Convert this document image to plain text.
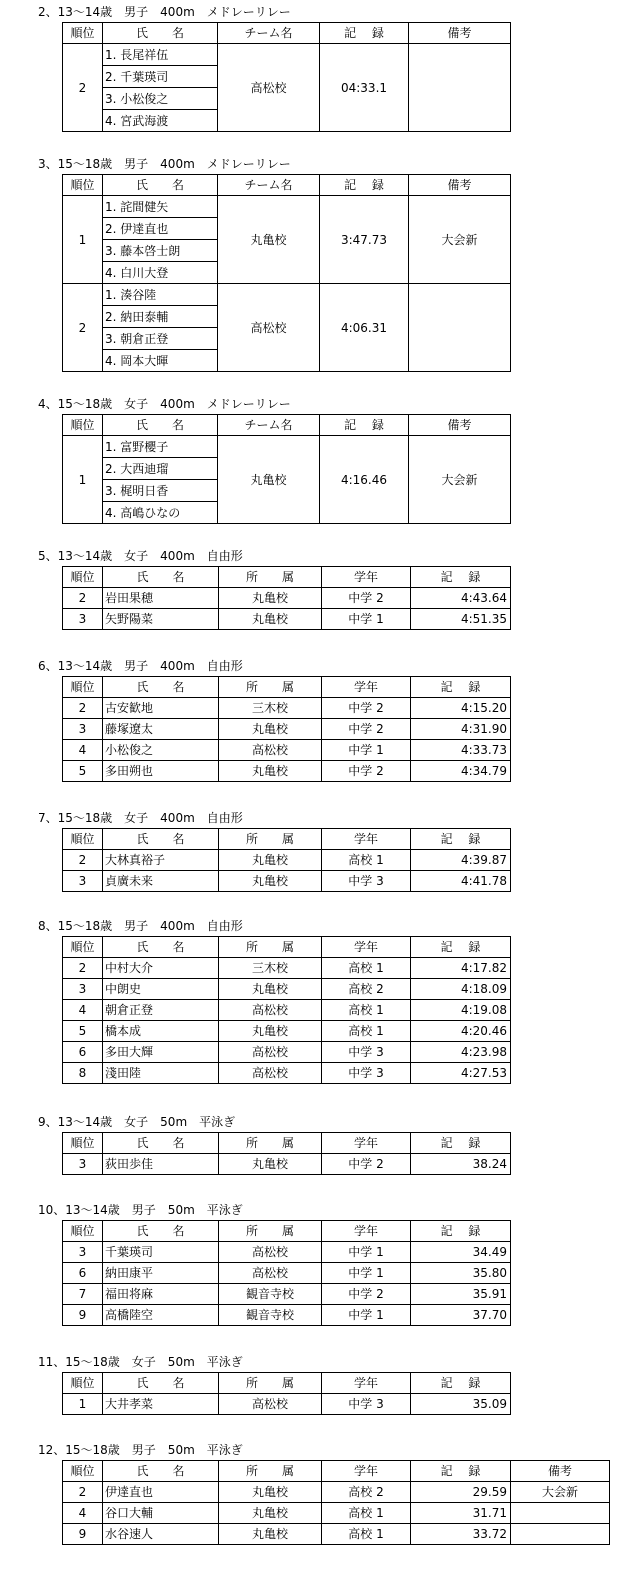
2、13～14歳　男子　400m　メドレーリレー
順位	氏　　名	チーム名	記　 録	備考
2	1. 長尾祥伍	高松校	04:33.1	
	2. 千葉瑛司			
	3. 小松俊之			
	4. 宮武海渡			
3、15～18歳　男子　400m　メドレーリレー
順位	氏　　名	チーム名	記　 録	備考
1	1. 詫間健矢	丸亀校	3:47.73	大会新
	2. 伊達直也			
	3. 藤本啓士朗			
	4. 白川大登			
2	1. 湊谷陸	高松校	4:06.31	
	2. 納田泰輔			
	3. 朝倉正登			
	4. 岡本大暉			
4、15～18歳　女子　400m　メドレーリレー
順位	氏　　名	チーム名	記　 録	備考
1	1. 富野櫻子	丸亀校	4:16.46	大会新
	2. 大西迪瑠			
	3. 梶明日香			
	4. 高嶋ひなの			
5、13～14歳　女子　400m　自由形
順位	氏　　名	所　　属	学年	記　 録
2	岩田果穂	丸亀校	中学 2	4:43.64
3	矢野陽菜	丸亀校	中学 1	4:51.35
6、13～14歳　男子　400m　自由形
順位	氏　　名	所　　属	学年	記　 録
2	古安歓地	三木校	中学 2	4:15.20
3	藤塚遼太	丸亀校	中学 2	4:31.90
4	小松俊之	高松校	中学 1	4:33.73
5	多田朔也	丸亀校	中学 2	4:34.79
7、15～18歳　女子　400m　自由形
順位	氏　　名	所　　属	学年	記　 録
2	大林真裕子	丸亀校	高校 1	4:39.87
3	貞廣未来	丸亀校	中学 3	4:41.78
8、15～18歳　男子　400m　自由形
順位	氏　　名	所　　属	学年	記　 録
2	中村大介	三木校	高校 1	4:17.82
3	中朗史	丸亀校	高校 2	4:18.09
4	朝倉正登	高松校	高校 1	4:19.08
5	橋本成	丸亀校	高校 1	4:20.46
6	多田大輝	高松校	中学 3	4:23.98
8	淺田陸	高松校	中学 3	4:27.53
9、13～14歳　女子　50m　平泳ぎ
順位	氏　　名	所　　属	学年	記　 録
3	荻田歩佳	丸亀校	中学 2	38.24
10、13～14歳　男子　50m　平泳ぎ
順位	氏　　名	所　　属	学年	記　 録
3	千葉瑛司	高松校	中学 1	34.49
6	納田康平	高松校	中学 1	35.80
7	福田将麻	観音寺校	中学 2	35.91
9	高橋陸空	観音寺校	中学 1	37.70
11、15～18歳　女子　50m　平泳ぎ
順位	氏　　名	所　　属	学年	記　 録
1	大井孝菜	高松校	中学 3	35.09
12、15～18歳　男子　50m　平泳ぎ
順位	氏　　名	所　　属	学年	記　 録	備考
2	伊達直也	丸亀校	高校 2	29.59	大会新
4	谷口大輔	丸亀校	高校 1	31.71	
9	水谷速人	丸亀校	高校 1	33.72	
